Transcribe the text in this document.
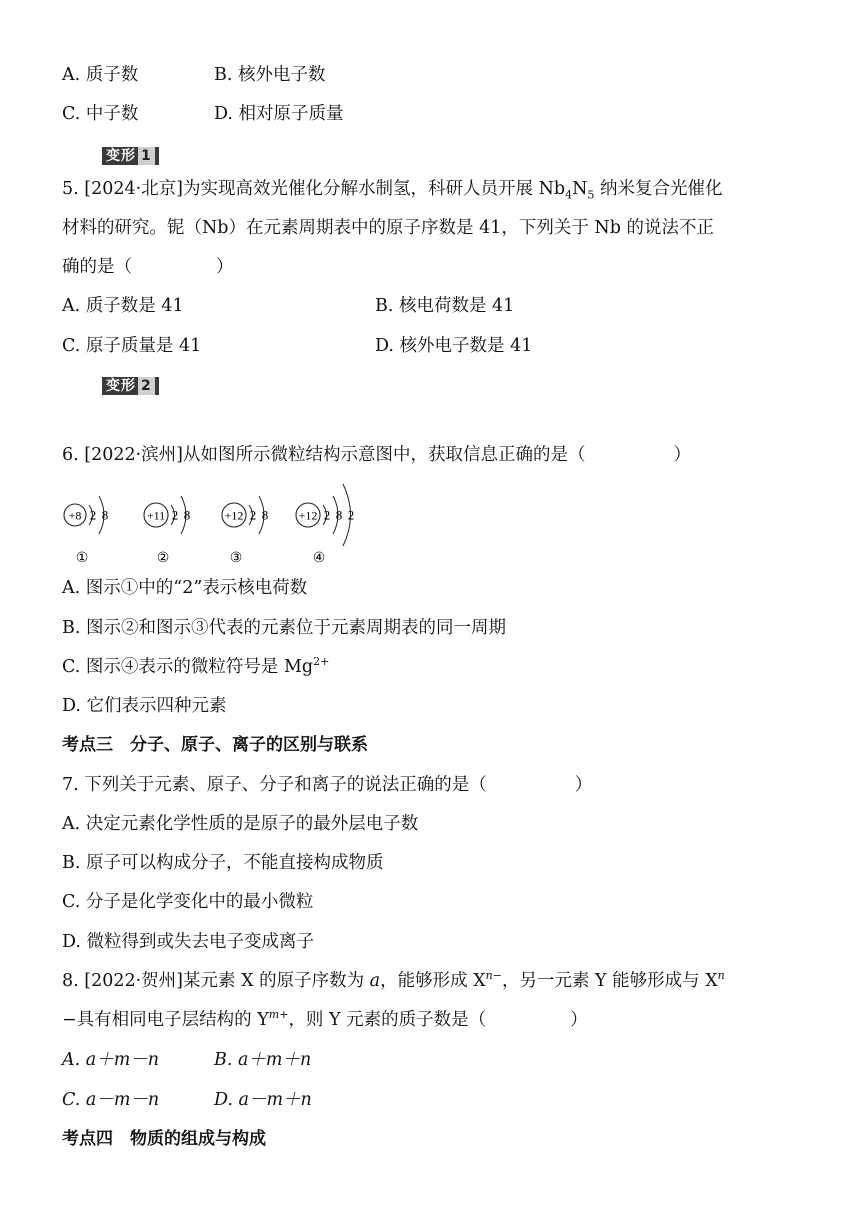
A. 质子数	B. 核外电子数
C. 中子数	D. 相对原子质量
变形 1
5. [2024·北京]为实现高效光催化分解水制氢，科研人员开展 $Nb_4N_5$ 纳米复合光催化
材料的研究。铌（Nb）在元素周期表中的原子序数是 41，下列关于 Nb 的说法不正
确的是（	）
A. 质子数是 41	B. 核电荷数是 41
C. 原子质量是 41	D. 核外电子数是 41
变形 2
6. [2022·滨州]从如图所示微粒结构示意图中，获取信息正确的是（	）
+8 2 8
①
+11 2 8
②
+12 2 8
③
+12 2 8 2
④
A. 图示①中的“2”表示核电荷数
B. 图示②和图示③代表的元素位于元素周期表的同一周期
C. 图示④表示的微粒符号是 $Mg^{2+}$
D. 它们表示四种元素
考点三　分子、原子、离子的区别与联系
7. 下列关于元素、原子、分子和离子的说法正确的是（	）
A. 决定元素化学性质的是原子的最外层电子数
B. 原子可以构成分子，不能直接构成物质
C. 分子是化学变化中的最小微粒
D. 微粒得到或失去电子变成离子
8. [2022·贺州]某元素 X 的原子序数为 a，能够形成 $X^{n-}$，另一元素 Y 能够形成与 $X^n$
−具有相同电子层结构的 $Y^{m+}$，则 Y 元素的质子数是（	）
A. a＋m－n	B. a＋m＋n
C. a－m－n	D. a－m＋n
考点四　物质的组成与构成
